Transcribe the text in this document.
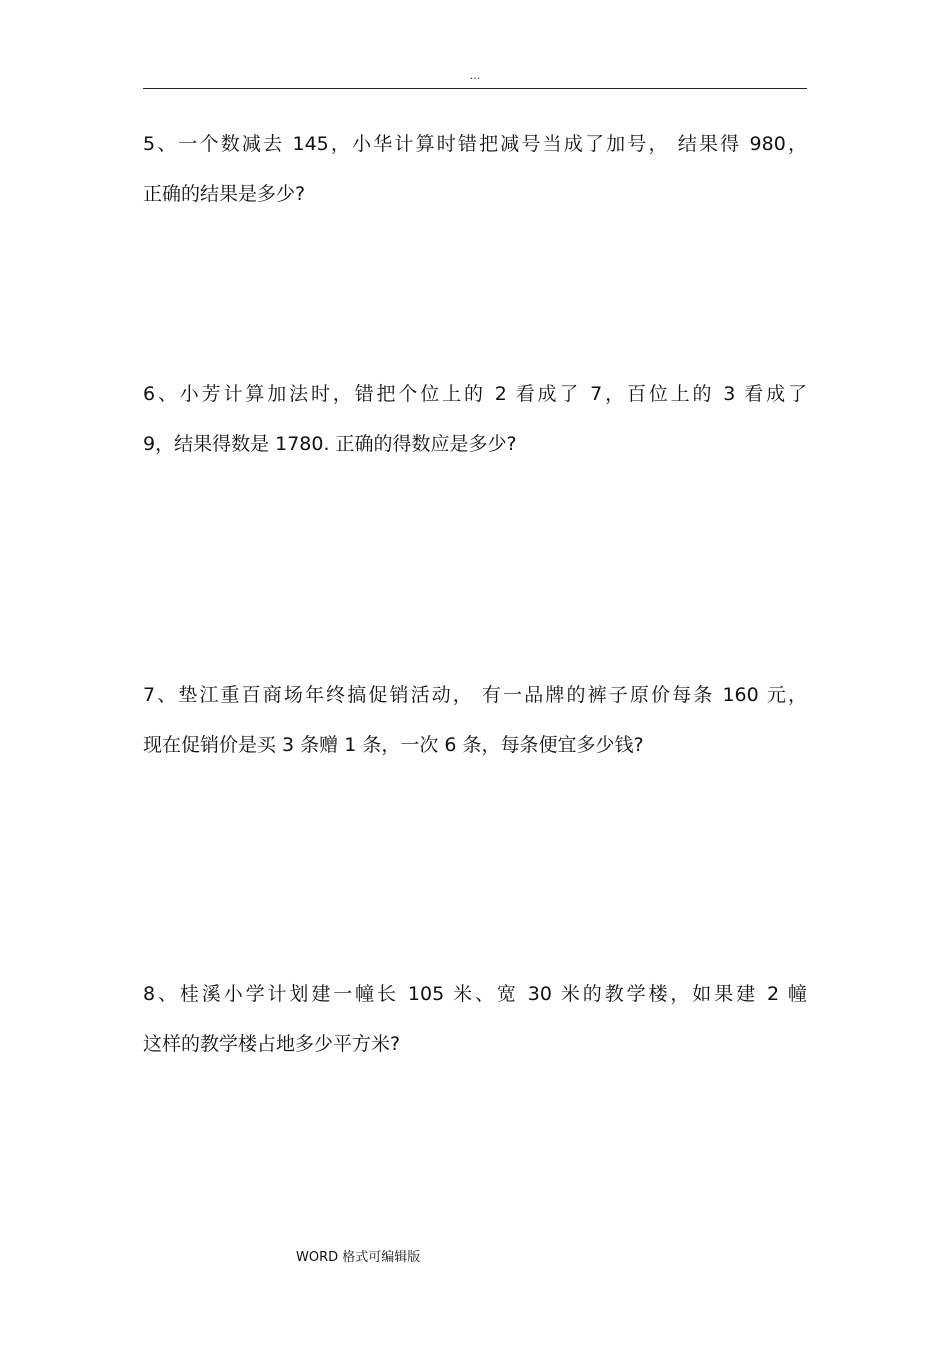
...
5、一个数减去 145，小华计算时错把减号当成了加号， 结果得 980，
正确的结果是多少?
6、小芳计算加法时，错把个位上的 2 看成了 7，百位上的 3 看成了
9，结果得数是 1780. 正确的得数应是多少?
7、垫江重百商场年终搞促销活动， 有一品牌的裤子原价每条 160 元，
现在促销价是买 3 条赠 1 条，一次 6 条，每条便宜多少钱?
8、桂溪小学计划建一幢长 105 米、宽 30 米的教学楼，如果建 2 幢
这样的教学楼占地多少平方米?
WORD 格式可编辑版
